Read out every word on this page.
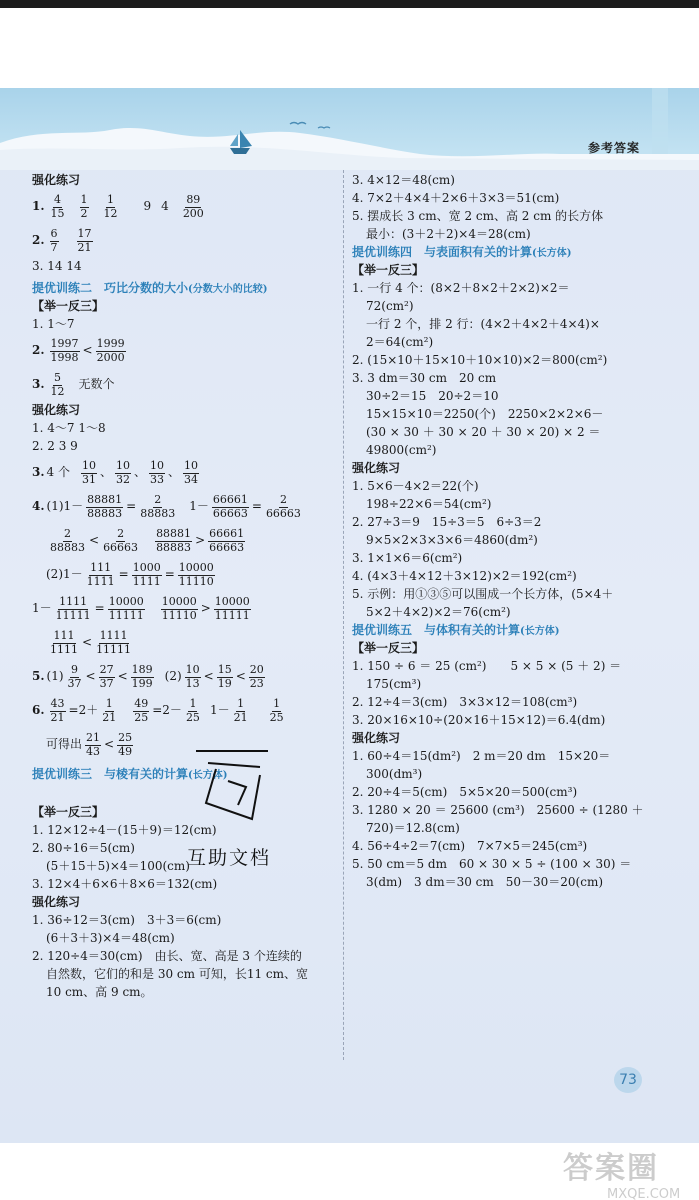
参考答案
强化练习
1. $\frac{4}{15} \frac{1}{2} \frac{1}{12} 9$ $4 \frac{89}{200}$
2. $\frac{6}{7} \frac{17}{21}$
3. 14 14
提优训练二　巧比分数的大小 (分数大小的比较)
【举一反三】
1. 1～7
2. $\frac{1997}{1998} < \frac{1999}{2000}$
3. $\frac{5}{12}$ 无数个
强化练习
1. 4～7 1～8
2. 2 3 9
3. 4 个 $\frac{10}{31}$ 、 $\frac{10}{32}$ 、 $\frac{10}{33}$ 、 $\frac{10}{34}$
4. $(1)1- \frac{88881}{88883} = \frac{2}{88883} 1- \frac{66661}{66663} = \frac{2}{66663}$
$\frac{2}{88883} < \frac{2}{66663} \frac{88881}{88883} > \frac{66661}{66663}$
$(2)1- \frac{111}{1111} = \frac{1000}{1111} = \frac{10000}{11110}$
$1- \frac{1111}{11111} = \frac{10000}{11111} \frac{10000}{11110} > \frac{10000}{11111}$
$\frac{111}{1111} < \frac{1111}{11111}$
5. $(1) \frac{9}{37} < \frac{27}{37} < \frac{189}{199} (2) \frac{10}{13} < \frac{15}{19} < \frac{20}{23}$
6. $\frac{43}{21} =2+ \frac{1}{21} \frac{49}{25} =2- \frac{1}{25} 1- \frac{1}{21} \frac{1}{25}$
可得出 $\frac{21}{43} < \frac{25}{49}$
提优训练三　与棱有关的计算 (长方体)
【举一反三】
1. 12×12÷4－(15＋9)＝12(cm)
2. 80÷16＝5(cm)
(5＋15＋5)×4＝100(cm)
3. 12×4＋6×6＋8×6＝132(cm)
强化练习
1. 36÷12＝3(cm)　3＋3＝6(cm)
(6＋3＋3)×4＝48(cm)
2. 120÷4＝30(cm)　由长、宽、高是 3 个连续的
自然数，它们的和是 30 cm 可知，长11 cm、宽
10 cm、高 9 cm。
3. 4×12＝48(cm)
4. 7×2＋4×4＋2×6＋3×3＝51(cm)
5. 摆成长 3 cm、宽 2 cm、高 2 cm 的长方体
最小：(3＋2＋2)×4＝28(cm)
提优训练四　与表面积有关的计算 (长方体)
【举一反三】
1. 一行 4 个：(8×2＋8×2＋2×2)×2＝
72(cm²)
一行 2 个，排 2 行：(4×2＋4×2＋4×4)×
2＝64(cm²)
2. (15×10＋15×10＋10×10)×2＝800(cm²)
3. 3 dm＝30 cm　20 cm
30÷2＝15　20÷2＝10
15×15×10＝2250(个)　2250×2×2×6－
(30 × 30 ＋ 30 × 20 ＋ 30 × 20) × 2 ＝
49800(cm²)
强化练习
1. 5×6－4×2＝22(个)
198÷22×6＝54(cm²)
2. 27÷3＝9　15÷3＝5　6÷3＝2
9×5×2×3×3×6＝4860(dm²)
3. 1×1×6＝6(cm²)
4. (4×3＋4×12＋3×12)×2＝192(cm²)
5. 示例：用①③⑤可以围成一个长方体，(5×4＋
5×2＋4×2)×2＝76(cm²)
提优训练五　与体积有关的计算 (长方体)
【举一反三】
1. 150 ÷ 6 ＝ 25 (cm²)　　5 × 5 × (5 ＋ 2) ＝
175(cm³)
2. 12÷4＝3(cm)　3×3×12＝108(cm³)
3. 20×16×10÷(20×16＋15×12)＝6.4(dm)
强化练习
1. 60÷4＝15(dm²)　2 m＝20 dm　15×20＝
300(dm³)
2. 20÷4＝5(cm)　5×5×20＝500(cm³)
3. 1280 × 20 ＝ 25600 (cm³)　25600 ÷ (1280 ＋
720)＝12.8(cm)
4. 56÷4÷2＝7(cm)　7×7×5＝245(cm³)
5. 50 cm＝5 dm　60 × 30 × 5 ÷ (100 × 30) ＝
3(dm)　3 dm＝30 cm　50－30＝20(cm)
互助文档
73
答案圈
MXQE.COM
